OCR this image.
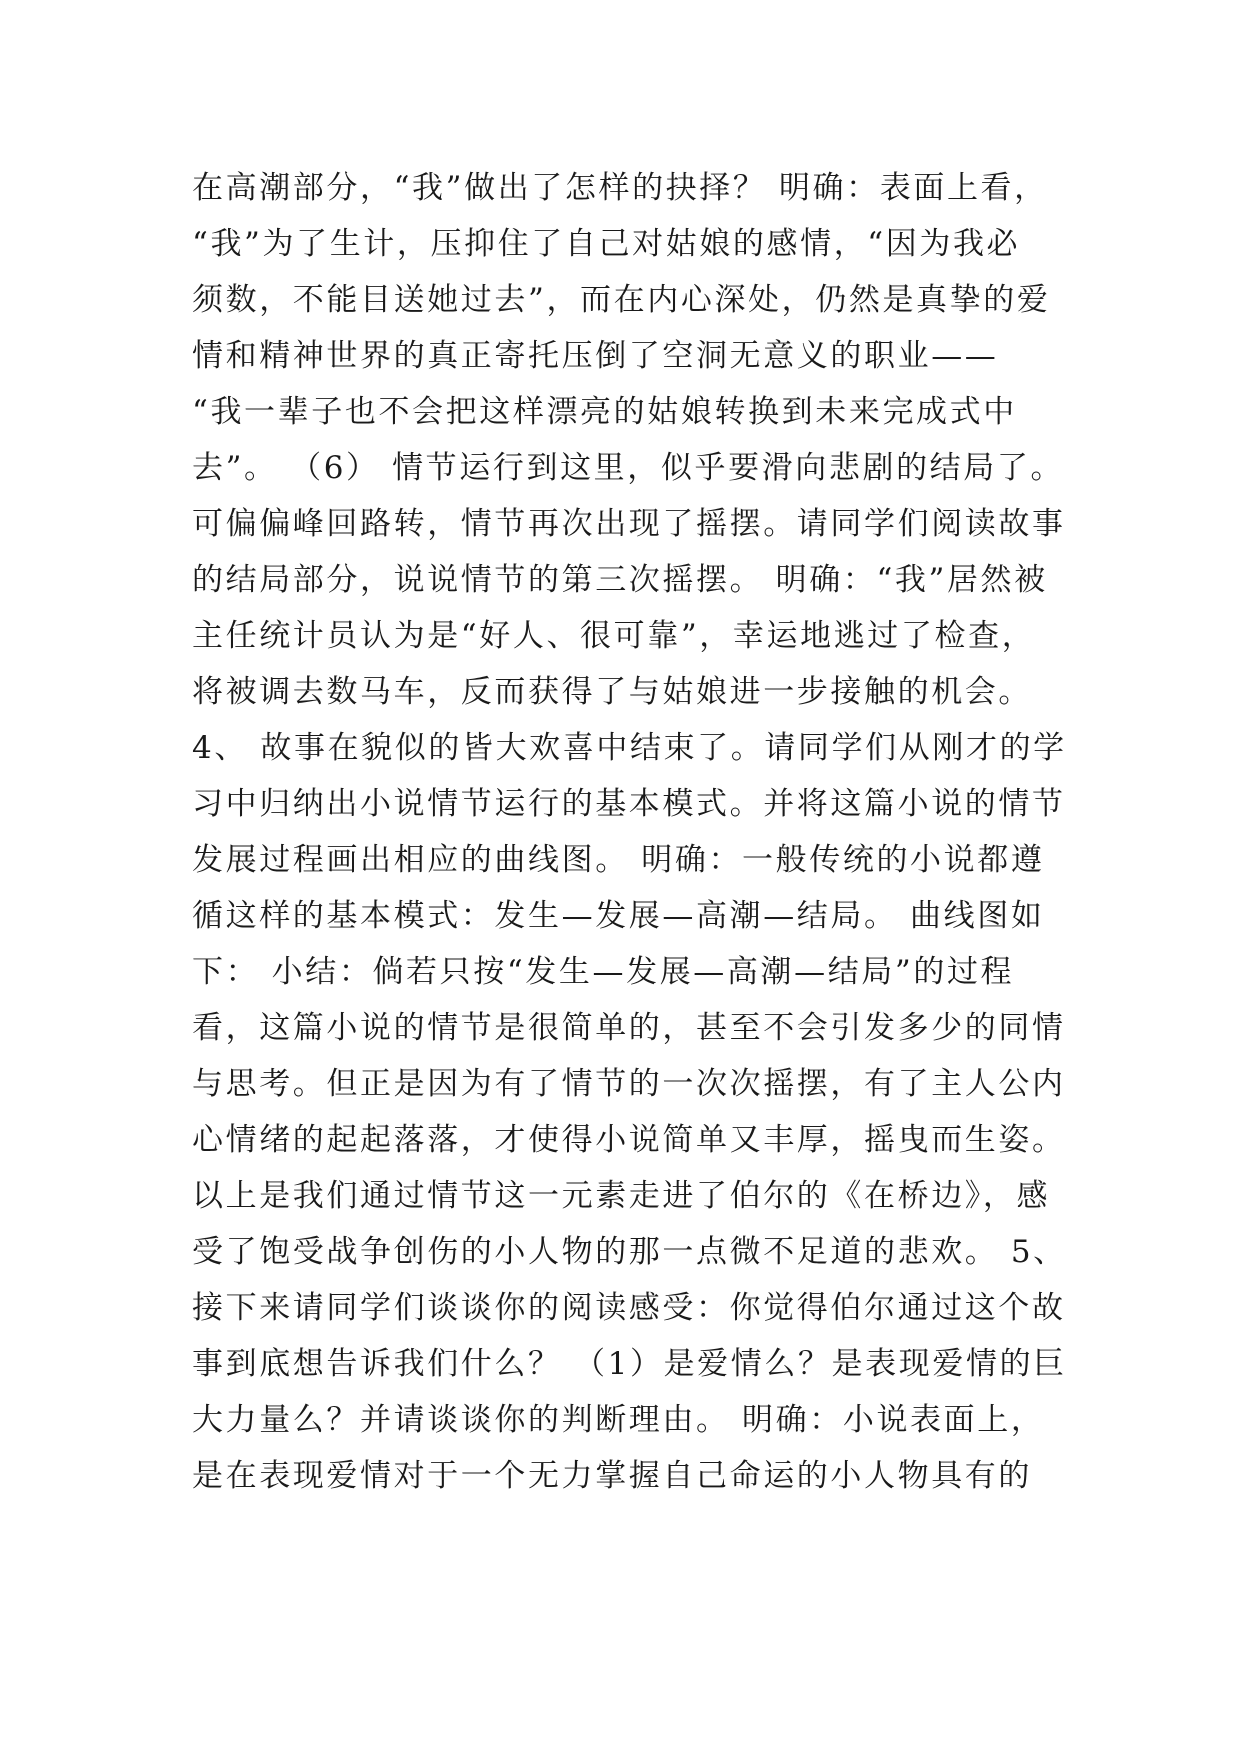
在高潮部分，“我”做出了怎样的抉择？ 明确：表面上看，
“我”为了生计，压抑住了自己对姑娘的感情，“因为我必
须数，不能目送她过去”，而在内心深处，仍然是真挚的爱
情和精神世界的真正寄托压倒了空洞无意义的职业——
“我一辈子也不会把这样漂亮的姑娘转换到未来完成式中
去”。 （6） 情节运行到这里，似乎要滑向悲剧的结局了。
可偏偏峰回路转，情节再次出现了摇摆。请同学们阅读故事
的结局部分，说说情节的第三次摇摆。 明确：“我”居然被
主任统计员认为是“好人、很可靠”，幸运地逃过了检查，
将被调去数马车，反而获得了与姑娘进一步接触的机会。
4、 故事在貌似的皆大欢喜中结束了。请同学们从刚才的学
习中归纳出小说情节运行的基本模式。并将这篇小说的情节
发展过程画出相应的曲线图。 明确：一般传统的小说都遵
循这样的基本模式：发生—发展—高潮—结局。 曲线图如
下： 小结：倘若只按“发生—发展—高潮—结局”的过程
看，这篇小说的情节是很简单的，甚至不会引发多少的同情
与思考。但正是因为有了情节的一次次摇摆，有了主人公内
心情绪的起起落落，才使得小说简单又丰厚，摇曳而生姿。
以上是我们通过情节这一元素走进了伯尔的《在桥边》，感
受了饱受战争创伤的小人物的那一点微不足道的悲欢。 5、
接下来请同学们谈谈你的阅读感受：你觉得伯尔通过这个故
事到底想告诉我们什么？ （1）是爱情么？是表现爱情的巨
大力量么？并请谈谈你的判断理由。 明确：小说表面上，
是在表现爱情对于一个无力掌握自己命运的小人物具有的
